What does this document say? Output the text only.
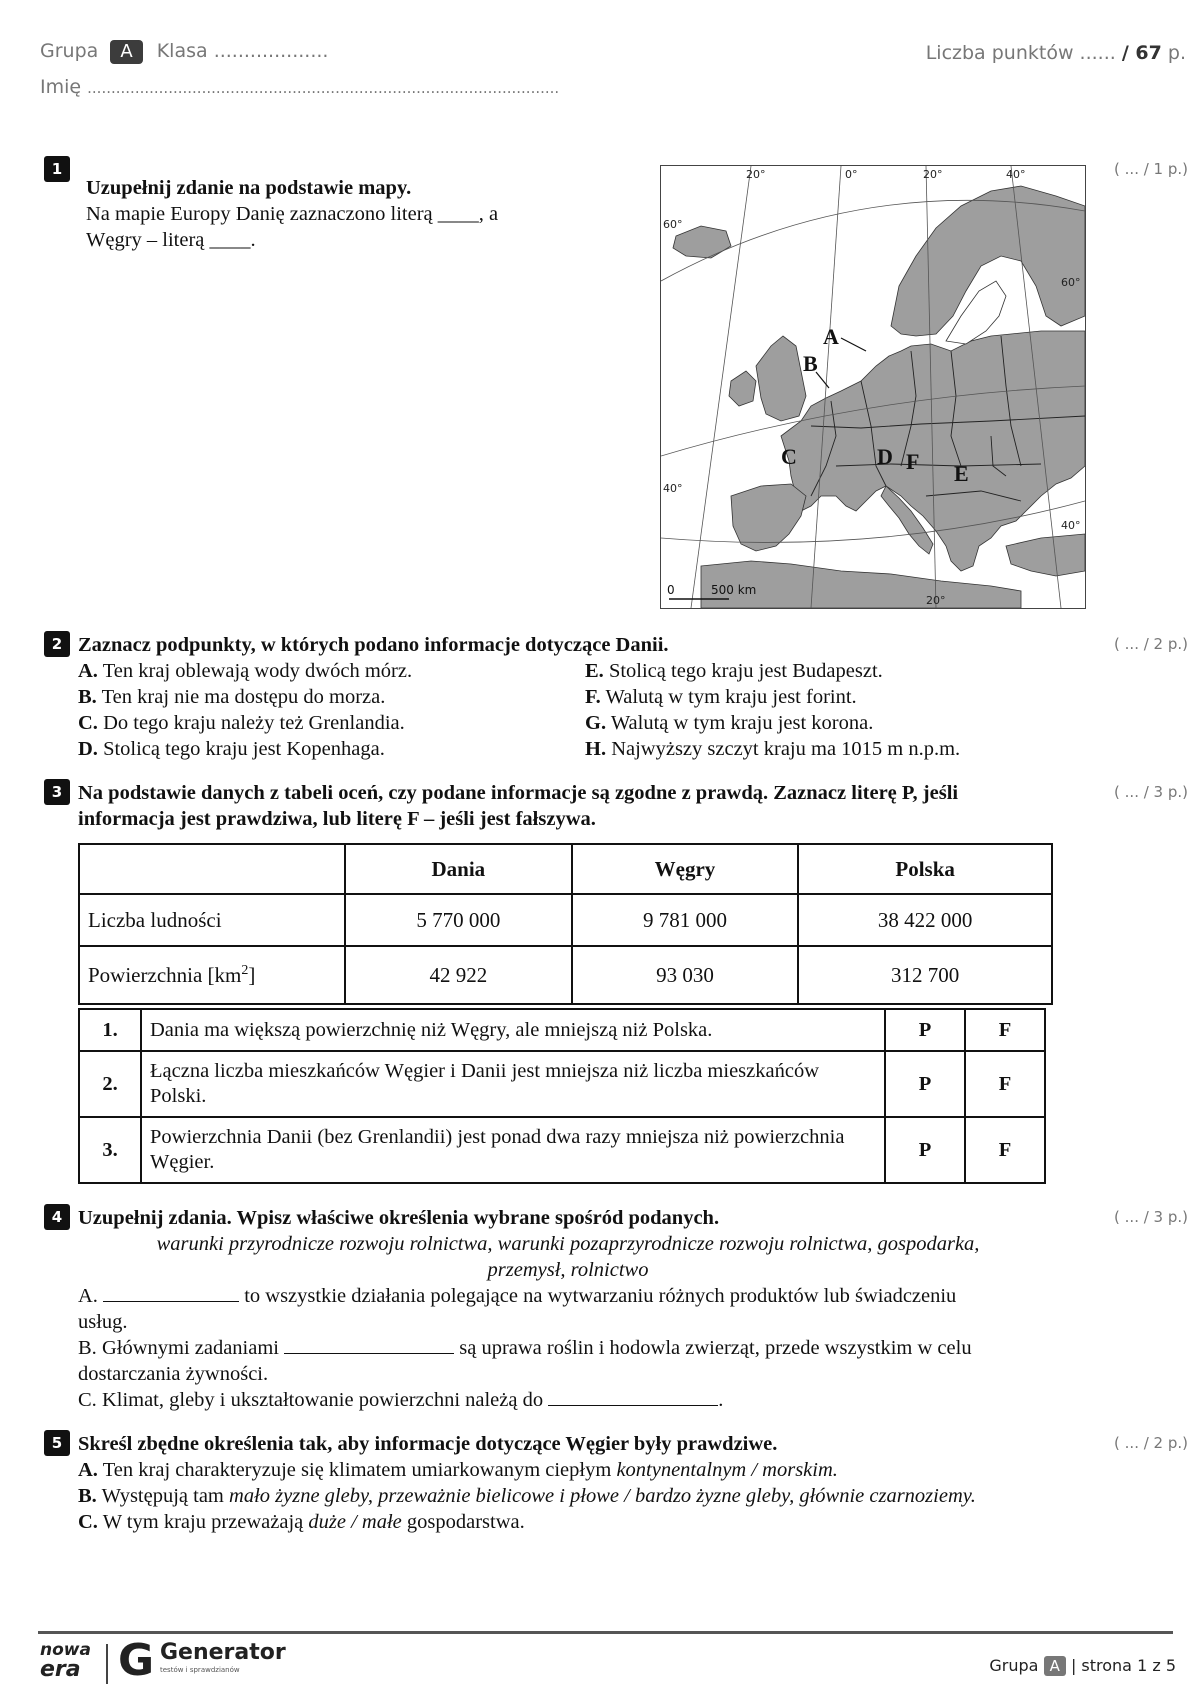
Grupa A Klasa ...................
Imię ...................................................................................................
Liczba punktów ...... / 67 p.
1	( ... / 1 p.)
Uzupełnij zdanie na podstawie mapy.
Na mapie Europy Danię zaznaczono literą ____, a
Węgry – literą ____.
20°	0°	20°	40°
60°
60°
40°
40°
20°
A
B
C	D F E
0	500 km
2	( ... / 2 p.)
Zaznacz podpunkty, w których podano informacje dotyczące Danii.
A. Ten kraj oblewają wody dwóch mórz.
B. Ten kraj nie ma dostępu do morza.
C. Do tego kraju należy też Grenlandia.
D. Stolicą tego kraju jest Kopenhaga.
E. Stolicą tego kraju jest Budapeszt.
F. Walutą w tym kraju jest forint.
G. Walutą w tym kraju jest korona.
H. Najwyższy szczyt kraju ma 1015 m n.p.m.
3	( ... / 3 p.)
Na podstawie danych z tabeli oceń, czy podane informacje są zgodne z prawdą. Zaznacz literę P, jeśli
informacja jest prawdziwa, lub literę F – jeśli jest fałszywa.
	Dania	Węgry	Polska
Liczba ludności	5 770 000	9 781 000	38 422 000
Powierzchnia $[km^2]$	42 922	93 030	312 700
1.	Dania ma większą powierzchnię niż Węgry, ale mniejszą niż Polska.	P	F
2.	Łączna liczba mieszkańców Węgier i Danii jest mniejsza niż liczba mieszkańców Polski.	P	F
3.	Powierzchnia Danii (bez Grenlandii) jest ponad dwa razy mniejsza niż powierzchnia Węgier.	P	F
4	( ... / 3 p.)
Uzupełnij zdania. Wpisz właściwe określenia wybrane spośród podanych.
warunki przyrodnicze rozwoju rolnictwa, warunki pozaprzyrodnicze rozwoju rolnictwa, gospodarka,
przemysł, rolnictwo
A.	to wszystkie działania polegające na wytwarzaniu różnych produktów lub świadczeniu
usług.
B. Głównymi zadaniami	są uprawa roślin i hodowla zwierząt, przede wszystkim w celu
dostarczania żywności.
C. Klimat, gleby i ukształtowanie powierzchni należą do	.
5	( ... / 2 p.)
Skreśl zbędne określenia tak, aby informacje dotyczące Węgier były prawdziwe.
A. Ten kraj charakteryzuje się klimatem umiarkowanym ciepłym kontynentalnym / morskim.
B. Występują tam mało żyzne gleby, przeważnie bielicowe i płowe / bardzo żyzne gleby, głównie czarnoziemy.
C. W tym kraju przeważają duże / małe gospodarstwa.
nowa
era G Generator
testów i sprawdzianów	Grupa A | strona 1 z 5
